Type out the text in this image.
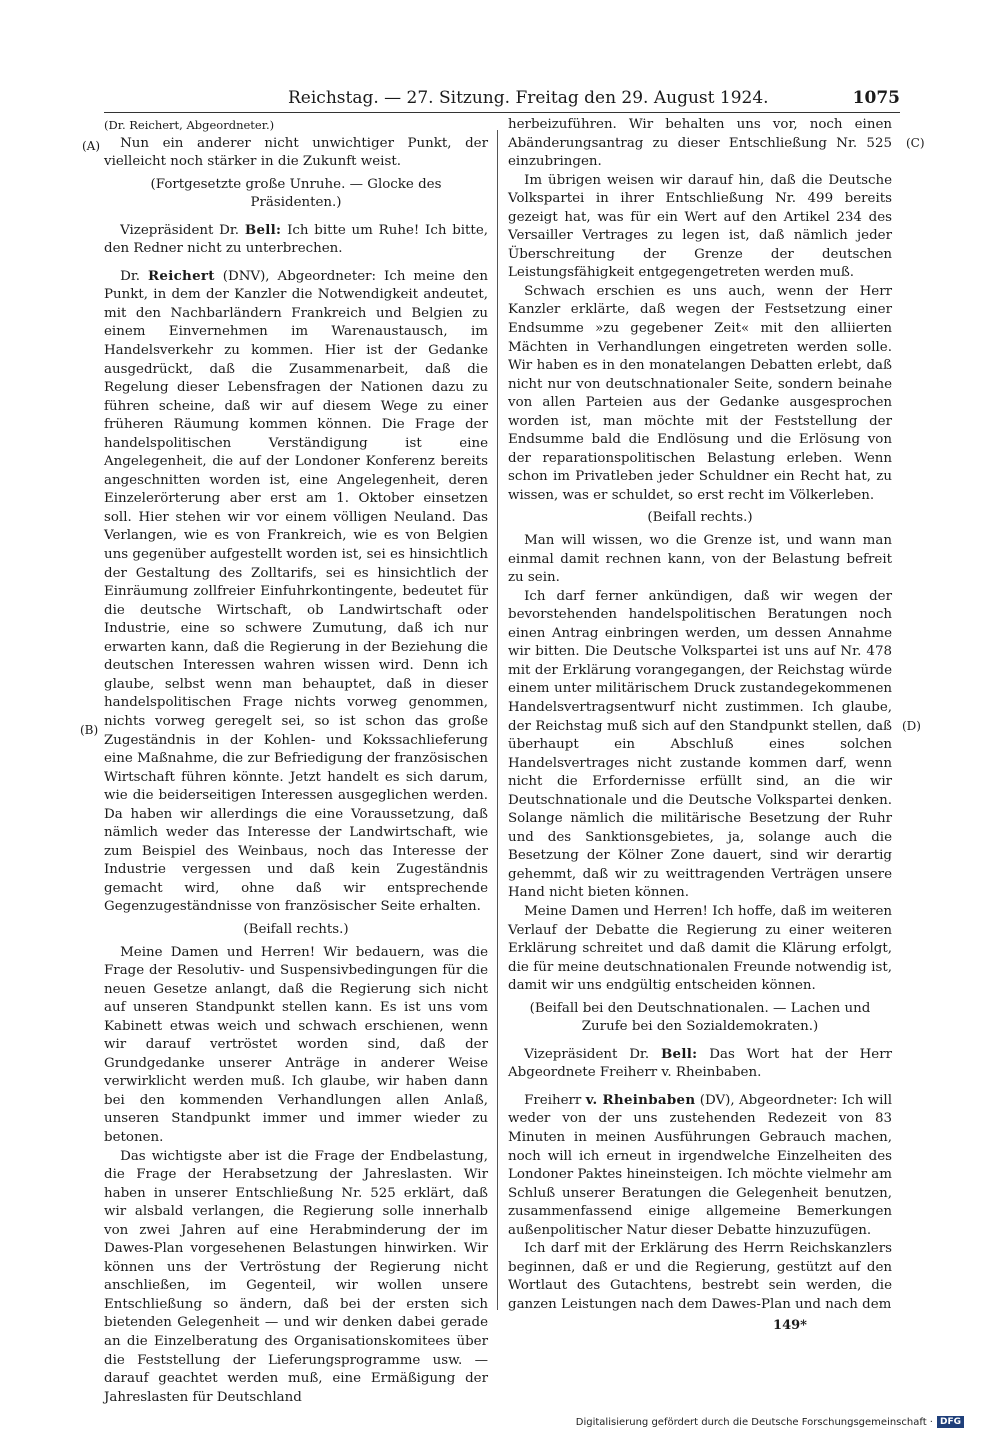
Reichstag. — 27. Sitzung. Freitag den 29. August 1924.	1075
(A)
(B)
(C)
(D)

(Dr. Reichert, Abgeordneter.)

Nun ein anderer nicht unwichtiger Punkt, der vielleicht noch stärker in die Zukunft weist.

(Fortgesetzte große Unruhe. — Glocke des Präsidenten.)

Vizepräsident Dr. Bell: Ich bitte um Ruhe! Ich bitte, den Redner nicht zu unterbrechen.

Dr. Reichert (DNV), Abgeordneter: Ich meine den Punkt, in dem der Kanzler die Notwendigkeit andeutet, mit den Nachbarländern Frankreich und Belgien zu einem Einvernehmen im Warenaustausch, im Handelsverkehr zu kommen. Hier ist der Gedanke ausgedrückt, daß die Zusammenarbeit, daß die Regelung dieser Lebensfragen der Nationen dazu zu führen scheine, daß wir auf diesem Wege zu einer früheren Räumung kommen können. Die Frage der handelspolitischen Verständigung ist eine Angelegenheit, die auf der Londoner Konferenz bereits angeschnitten worden ist, eine Angelegenheit, deren Einzelerörterung aber erst am 1. Oktober einsetzen soll. Hier stehen wir vor einem völligen Neuland. Das Verlangen, wie es von Frankreich, wie es von Belgien uns gegenüber aufgestellt worden ist, sei es hinsichtlich der Gestaltung des Zolltarifs, sei es hinsichtlich der Einräumung zollfreier Einfuhrkontingente, bedeutet für die deutsche Wirtschaft, ob Landwirtschaft oder Industrie, eine so schwere Zumutung, daß ich nur erwarten kann, daß die Regierung in der Beziehung die deutschen Interessen wahren wissen wird. Denn ich glaube, selbst wenn man behauptet, daß in dieser handelspolitischen Frage nichts vorweg genommen, nichts vorweg geregelt sei, so ist schon das große Zugeständnis in der Kohlen- und Kokssachlieferung eine Maßnahme, die zur Befriedigung der französischen Wirtschaft führen könnte. Jetzt handelt es sich darum, wie die beiderseitigen Interessen ausgeglichen werden. Da haben wir allerdings die eine Voraussetzung, daß nämlich weder das Interesse der Landwirtschaft, wie zum Beispiel des Weinbaus, noch das Interesse der Industrie vergessen und daß kein Zugeständnis gemacht wird, ohne daß wir entsprechende Gegenzugeständnisse von französischer Seite erhalten.

(Beifall rechts.)

Meine Damen und Herren! Wir bedauern, was die Frage der Resolutiv- und Suspensivbedingungen für die neuen Gesetze anlangt, daß die Regierung sich nicht auf unseren Standpunkt stellen kann. Es ist uns vom Kabinett etwas weich und schwach erschienen, wenn wir darauf vertröstet worden sind, daß der Grundgedanke unserer Anträge in anderer Weise verwirklicht werden muß. Ich glaube, wir haben dann bei den kommenden Verhandlungen allen Anlaß, unseren Standpunkt immer und immer wieder zu betonen.

Das wichtigste aber ist die Frage der Endbelastung, die Frage der Herabsetzung der Jahreslasten. Wir haben in unserer Entschließung Nr. 525 erklärt, daß wir alsbald verlangen, die Regierung solle innerhalb von zwei Jahren auf eine Herabminderung der im Dawes-Plan vorgesehenen Belastungen hinwirken. Wir können uns der Vertröstung der Regierung nicht anschließen, im Gegenteil, wir wollen unsere Entschließung so ändern, daß bei der ersten sich bietenden Gelegenheit — und wir denken dabei gerade an die Einzelberatung des Organisationskomitees über die Feststellung der Lieferungsprogramme usw. — darauf geachtet werden muß, eine Ermäßigung der Jahreslasten für Deutschland

herbeizuführen. Wir behalten uns vor, noch einen Abänderungsantrag zu dieser Entschließung Nr. 525 einzubringen.

Im übrigen weisen wir darauf hin, daß die Deutsche Volkspartei in ihrer Entschließung Nr. 499 bereits gezeigt hat, was für ein Wert auf den Artikel 234 des Versailler Vertrages zu legen ist, daß nämlich jeder Überschreitung der Grenze der deutschen Leistungsfähigkeit entgegengetreten werden muß.

Schwach erschien es uns auch, wenn der Herr Kanzler erklärte, daß wegen der Festsetzung einer Endsumme »zu gegebener Zeit« mit den alliierten Mächten in Verhandlungen eingetreten werden solle. Wir haben es in den monatelangen Debatten erlebt, daß nicht nur von deutschnationaler Seite, sondern beinahe von allen Parteien aus der Gedanke ausgesprochen worden ist, man möchte mit der Feststellung der Endsumme bald die Endlösung und die Erlösung von der reparationspolitischen Belastung erleben. Wenn schon im Privatleben jeder Schuldner ein Recht hat, zu wissen, was er schuldet, so erst recht im Völkerleben.

(Beifall rechts.)

Man will wissen, wo die Grenze ist, und wann man einmal damit rechnen kann, von der Belastung befreit zu sein.

Ich darf ferner ankündigen, daß wir wegen der bevorstehenden handelspolitischen Beratungen noch einen Antrag einbringen werden, um dessen Annahme wir bitten. Die Deutsche Volkspartei ist uns auf Nr. 478 mit der Erklärung vorangegangen, der Reichstag würde einem unter militärischem Druck zustandegekommenen Handelsvertragsentwurf nicht zustimmen. Ich glaube, der Reichstag muß sich auf den Standpunkt stellen, daß überhaupt ein Abschluß eines solchen Handelsvertrages nicht zustande kommen darf, wenn nicht die Erfordernisse erfüllt sind, an die wir Deutschnationale und die Deutsche Volkspartei denken. Solange nämlich die militärische Besetzung der Ruhr und des Sanktionsgebietes, ja, solange auch die Besetzung der Kölner Zone dauert, sind wir derartig gehemmt, daß wir zu weittragenden Verträgen unsere Hand nicht bieten können.

Meine Damen und Herren! Ich hoffe, daß im weiteren Verlauf der Debatte die Regierung zu einer weiteren Erklärung schreitet und daß damit die Klärung erfolgt, die für meine deutschnationalen Freunde notwendig ist, damit wir uns endgültig entscheiden können.

(Beifall bei den Deutschnationalen. — Lachen und Zurufe bei den Sozialdemokraten.)

Vizepräsident Dr. Bell: Das Wort hat der Herr Abgeordnete Freiherr v. Rheinbaben.

Freiherr v. Rheinbaben (DV), Abgeordneter: Ich will weder von der uns zustehenden Redezeit von 83 Minuten in meinen Ausführungen Gebrauch machen, noch will ich erneut in irgendwelche Einzelheiten des Londoner Paktes hineinsteigen. Ich möchte vielmehr am Schluß unserer Beratungen die Gelegenheit benutzen, zusammenfassend einige allgemeine Bemerkungen außenpolitischer Natur dieser Debatte hinzuzufügen.

Ich darf mit der Erklärung des Herrn Reichskanzlers beginnen, daß er und die Regierung, gestützt auf den Wortlaut des Gutachtens, bestrebt sein werden, die ganzen Leistungen nach dem Dawes-Plan und nach dem

149*
Digitalisierung gefördert durch die Deutsche Forschungsgemeinschaft · DFG
